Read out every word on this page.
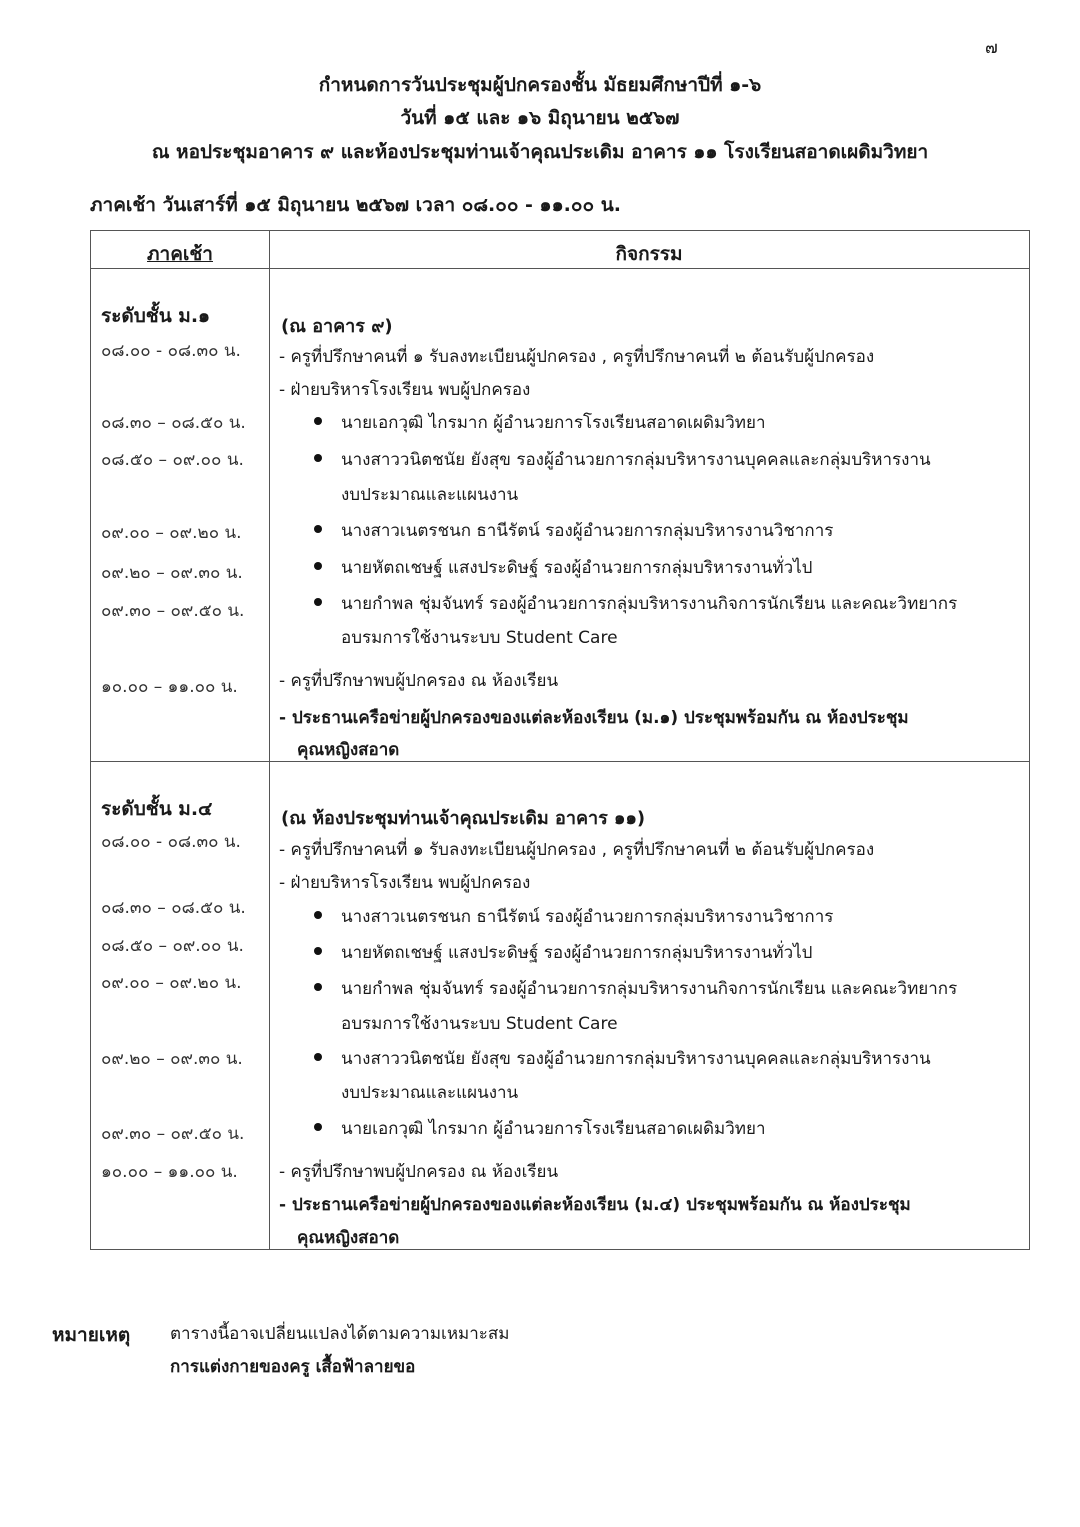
๗
กำหนดการวันประชุมผู้ปกครองชั้น มัธยมศึกษาปีที่ ๑-๖
วันที่ ๑๕ และ ๑๖ มิถุนายน ๒๕๖๗
ณ หอประชุมอาคาร ๙ และห้องประชุมท่านเจ้าคุณประเดิม อาคาร ๑๑ โรงเรียนสอาดเผดิมวิทยา
ภาคเช้า วันเสาร์ที่ ๑๕ มิถุนายน ๒๕๖๗ เวลา ๐๘.๐๐ - ๑๑.๐๐ น.
ภาคเช้า	กิจกรรม
ระดับชั้น ม.๑
๐๘.๐๐ - ๐๘.๓๐ น.
๐๘.๓๐ – ๐๘.๕๐ น.
๐๘.๕๐ – ๐๙.๐๐ น.
๐๙.๐๐ – ๐๙.๒๐ น.
๐๙.๒๐ – ๐๙.๓๐ น.
๐๙.๓๐ – ๐๙.๕๐ น.
๑๐.๐๐ – ๑๑.๐๐ น.
(ณ อาคาร ๙)
- ครูที่ปรึกษาคนที่ ๑ รับลงทะเบียนผู้ปกครอง , ครูที่ปรึกษาคนที่ ๒ ต้อนรับผู้ปกครอง
- ฝ่ายบริหารโรงเรียน พบผู้ปกครอง
นายเอกวุฒิ ไกรมาก ผู้อำนวยการโรงเรียนสอาดเผดิมวิทยา
นางสาววนิตชนัย ยังสุข รองผู้อำนวยการกลุ่มบริหารงานบุคคลและกลุ่มบริหารงาน
งบประมาณและแผนงาน
นางสาวเนตรชนก ธานีรัตน์ รองผู้อำนวยการกลุ่มบริหารงานวิชาการ
นายหัตถเชษฐ์ แสงประดิษฐ์ รองผู้อำนวยการกลุ่มบริหารงานทั่วไป
นายกำพล ชุ่มจันทร์ รองผู้อำนวยการกลุ่มบริหารงานกิจการนักเรียน และคณะวิทยากร
อบรมการใช้งานระบบ Student Care
- ครูที่ปรึกษาพบผู้ปกครอง ณ ห้องเรียน
- ประธานเครือข่ายผู้ปกครองของแต่ละห้องเรียน (ม.๑) ประชุมพร้อมกัน ณ ห้องประชุม
คุณหญิงสอาด
ระดับชั้น ม.๔
๐๘.๐๐ - ๐๘.๓๐ น.
๐๘.๓๐ – ๐๘.๕๐ น.
๐๘.๕๐ – ๐๙.๐๐ น.
๐๙.๐๐ – ๐๙.๒๐ น.
๐๙.๒๐ – ๐๙.๓๐ น.
๐๙.๓๐ – ๐๙.๕๐ น.
๑๐.๐๐ – ๑๑.๐๐ น.
(ณ ห้องประชุมท่านเจ้าคุณประเดิม อาคาร ๑๑)
- ครูที่ปรึกษาคนที่ ๑ รับลงทะเบียนผู้ปกครอง , ครูที่ปรึกษาคนที่ ๒ ต้อนรับผู้ปกครอง
- ฝ่ายบริหารโรงเรียน พบผู้ปกครอง
นางสาวเนตรชนก ธานีรัตน์ รองผู้อำนวยการกลุ่มบริหารงานวิชาการ
นายหัตถเชษฐ์ แสงประดิษฐ์ รองผู้อำนวยการกลุ่มบริหารงานทั่วไป
นายกำพล ชุ่มจันทร์ รองผู้อำนวยการกลุ่มบริหารงานกิจการนักเรียน และคณะวิทยากร
อบรมการใช้งานระบบ Student Care
นางสาววนิตชนัย ยังสุข รองผู้อำนวยการกลุ่มบริหารงานบุคคลและกลุ่มบริหารงาน
งบประมาณและแผนงาน
นายเอกวุฒิ ไกรมาก ผู้อำนวยการโรงเรียนสอาดเผดิมวิทยา
- ครูที่ปรึกษาพบผู้ปกครอง ณ ห้องเรียน
- ประธานเครือข่ายผู้ปกครองของแต่ละห้องเรียน (ม.๔) ประชุมพร้อมกัน ณ ห้องประชุม
คุณหญิงสอาด
หมายเหตุ ตารางนี้อาจเปลี่ยนแปลงได้ตามความเหมาะสม
การแต่งกายของครู เสื้อฟ้าลายขอ
